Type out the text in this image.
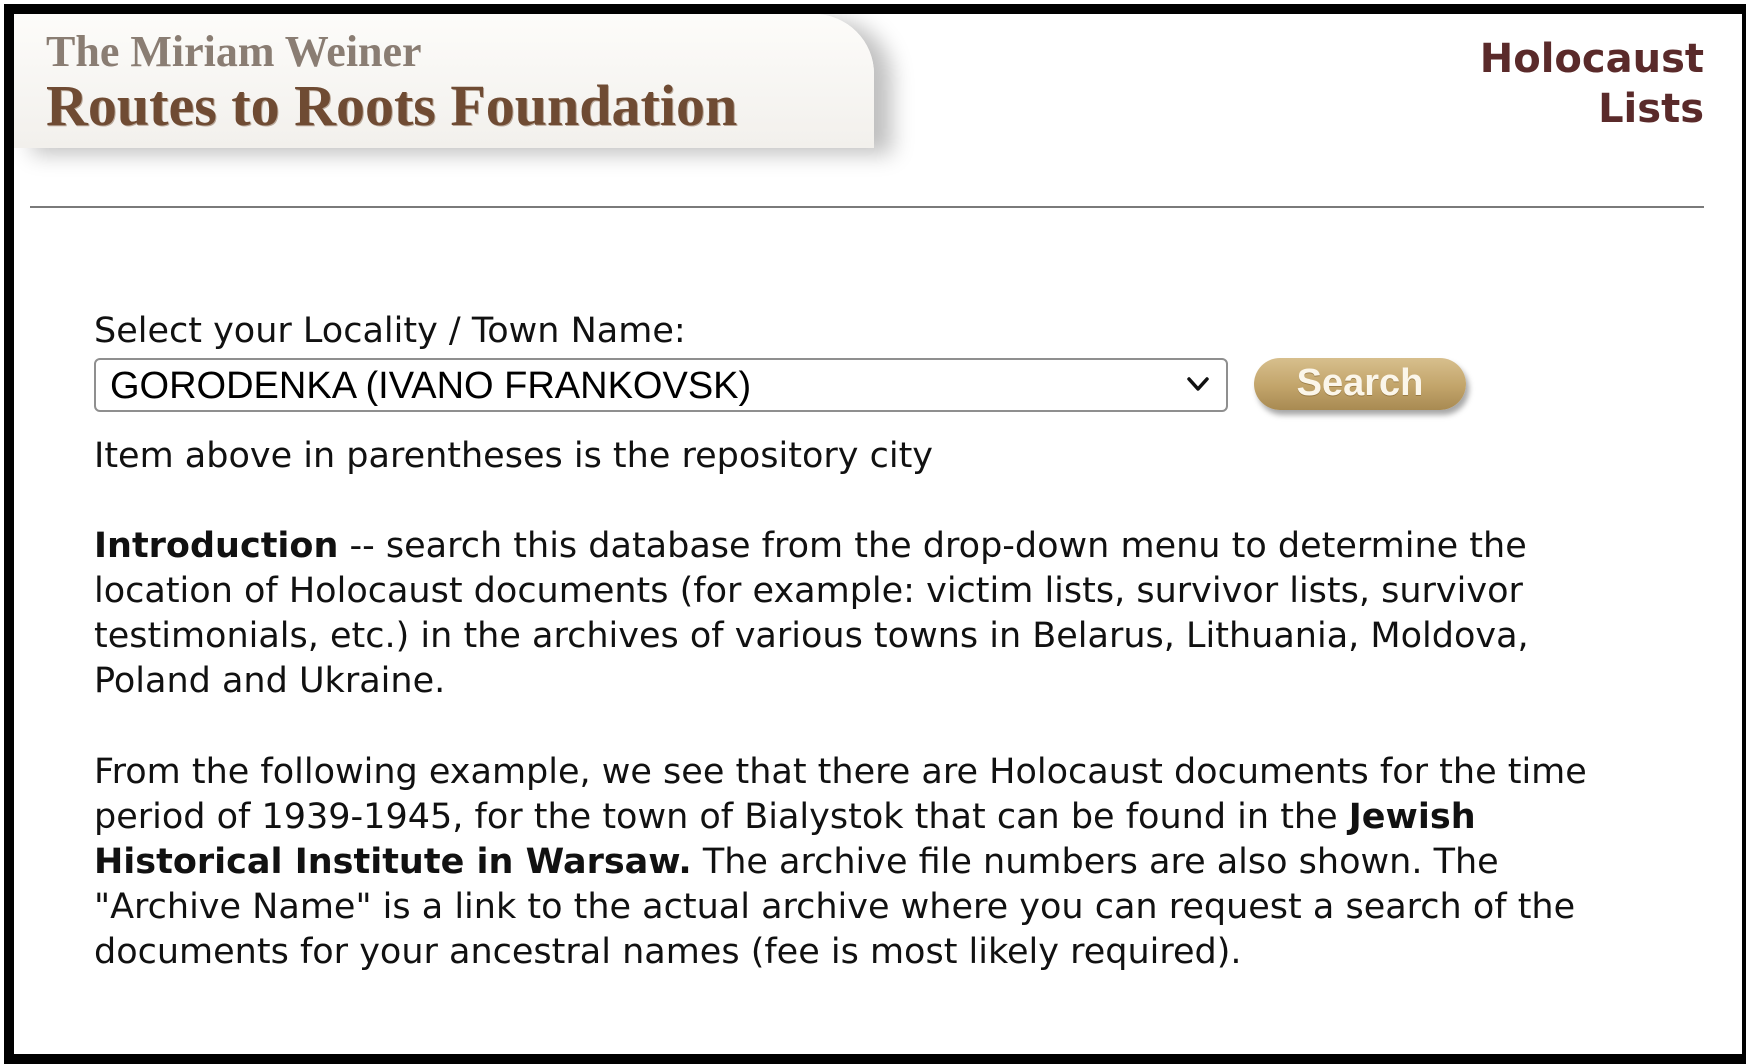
The Miriam Weiner
Routes to Roots Foundation
Holocaust
Lists

Select your Locality / Town Name:

GORODENKA (IVANO FRANKOVSK)	Search

Item above in parentheses is the repository city

Introduction -- search this database from the drop-down menu to determine the location of Holocaust documents (for example: victim lists, survivor lists, survivor testimonials, etc.) in the archives of various towns in Belarus, Lithuania, Moldova, Poland and Ukraine.

From the following example, we see that there are Holocaust documents for the time period of 1939-1945, for the town of Bialystok that can be found in the Jewish Historical Institute in Warsaw. The archive file numbers are also shown. The "Archive Name" is a link to the actual archive where you can request a search of the documents for your ancestral names (fee is most likely required).
